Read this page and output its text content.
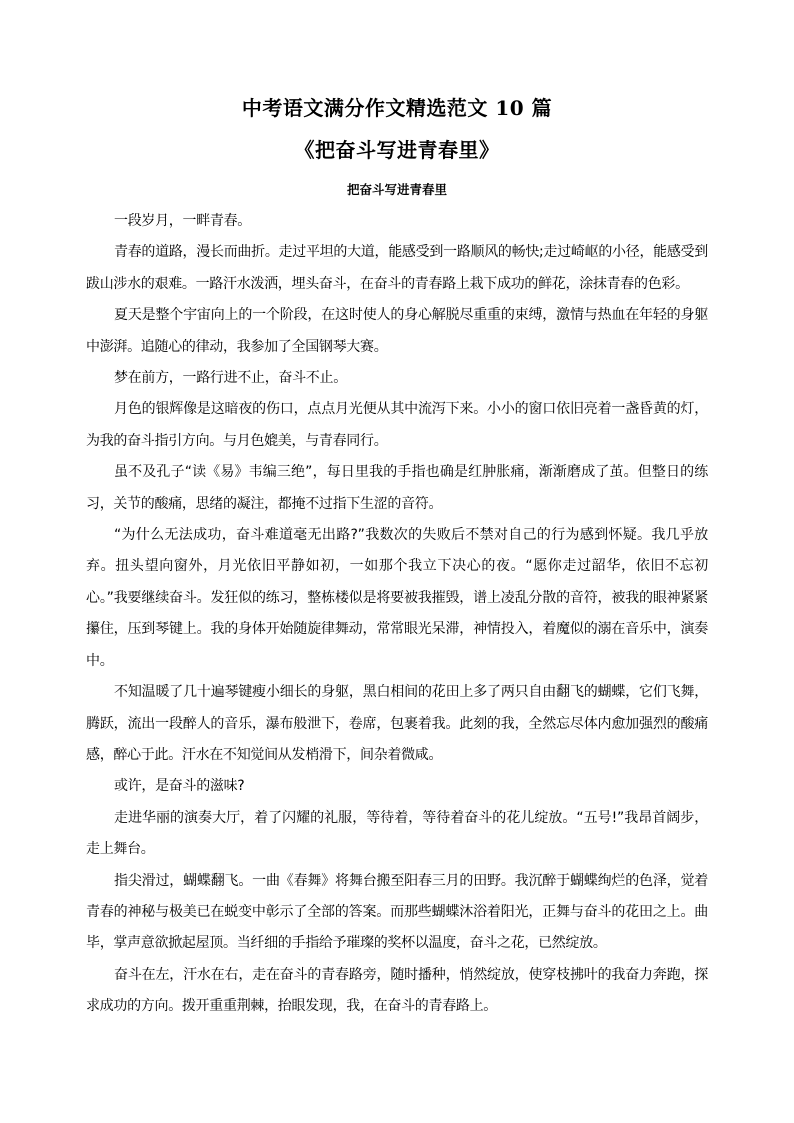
中考语文满分作文精选范文 10 篇
《把奋斗写进青春里》
把奋斗写进青春里

一段岁月，一畔青春。

青春的道路，漫长而曲折。走过平坦的大道，能感受到一路顺风的畅快;走过崎岖的小径，能感受到跋山涉水的艰难。一路汗水泼洒，埋头奋斗，在奋斗的青春路上栽下成功的鲜花，涂抹青春的色彩。

夏天是整个宇宙向上的一个阶段，在这时使人的身心解脱尽重重的束缚，激情与热血在年轻的身躯中澎湃。追随心的律动，我参加了全国钢琴大赛。

梦在前方，一路行进不止，奋斗不止。

月色的银辉像是这暗夜的伤口，点点月光便从其中流泻下来。小小的窗口依旧亮着一盏昏黄的灯，为我的奋斗指引方向。与月色媲美，与青春同行。

虽不及孔子“读《易》韦编三绝”，每日里我的手指也确是红肿胀痛，渐渐磨成了茧。但整日的练习，关节的酸痛，思绪的凝注，都掩不过指下生涩的音符。

“为什么无法成功，奋斗难道毫无出路?”我数次的失败后不禁对自己的行为感到怀疑。我几乎放弃。扭头望向窗外，月光依旧平静如初，一如那个我立下决心的夜。“愿你走过韶华，依旧不忘初心。”我要继续奋斗。发狂似的练习，整栋楼似是将要被我摧毁，谱上凌乱分散的音符，被我的眼神紧紧攥住，压到琴键上。我的身体开始随旋律舞动，常常眼光呆滞，神情投入，着魔似的溺在音乐中，演奏中。

不知温暖了几十遍琴键瘦小细长的身躯，黑白相间的花田上多了两只自由翻飞的蝴蝶，它们飞舞，腾跃，流出一段醉人的音乐，瀑布般泄下，卷席，包裹着我。此刻的我，全然忘尽体内愈加强烈的酸痛感，醉心于此。汗水在不知觉间从发梢滑下，间杂着微咸。

或许，是奋斗的滋味?

走进华丽的演奏大厅，着了闪耀的礼服，等待着，等待着奋斗的花儿绽放。“五号!”我昂首阔步，走上舞台。

指尖滑过，蝴蝶翻飞。一曲《春舞》将舞台搬至阳春三月的田野。我沉醉于蝴蝶绚烂的色泽，觉着青春的神秘与极美已在蜕变中彰示了全部的答案。而那些蝴蝶沐浴着阳光，正舞与奋斗的花田之上。曲毕，掌声意欲掀起屋顶。当纤细的手指给予璀璨的奖杯以温度，奋斗之花，已然绽放。

奋斗在左，汗水在右，走在奋斗的青春路旁，随时播种，悄然绽放，使穿枝拂叶的我奋力奔跑，探求成功的方向。拨开重重荆棘，抬眼发现，我，在奋斗的青春路上。
